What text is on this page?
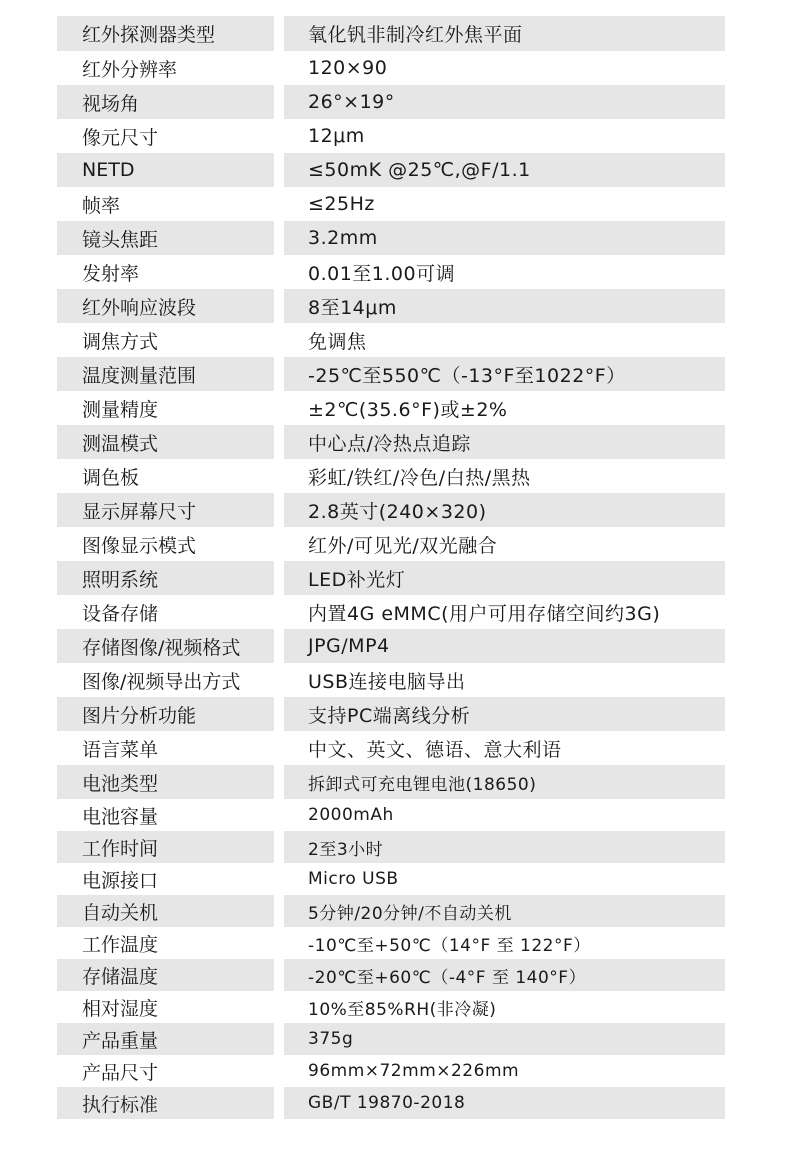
红外探测器类型	氧化钒非制冷红外焦平面
红外分辨率	120×90
视场角	26°×19°
像元尺寸	12μm
NETD	≤50mK @25℃,@F/1.1
帧率	≤25Hz
镜头焦距	3.2mm
发射率	0.01至1.00可调
红外响应波段	8至14μm
调焦方式	免调焦
温度测量范围	-25℃至550℃（-13°F至1022°F）
测量精度	±2℃(35.6°F)或±2%
测温模式	中心点/冷热点追踪
调色板	彩虹/铁红/冷色/白热/黑热
显示屏幕尺寸	2.8英寸(240×320)
图像显示模式	红外/可见光/双光融合
照明系统	LED补光灯
设备存储	内置4G eMMC(用户可用存储空间约3G)
存储图像/视频格式	JPG/MP4
图像/视频导出方式	USB连接电脑导出
图片分析功能	支持PC端离线分析
语言菜单	中文、英文、德语、意大利语
电池类型	拆卸式可充电锂电池(18650)
电池容量	2000mAh
工作时间	2至3小时
电源接口	Micro USB
自动关机	5分钟/20分钟/不自动关机
工作温度	-10℃至+50℃（14°F 至 122°F）
存储温度	-20℃至+60℃（-4°F 至 140°F）
相对湿度	10%至85%RH(非冷凝)
产品重量	375g
产品尺寸	96mm×72mm×226mm
执行标准	GB/T 19870-2018
